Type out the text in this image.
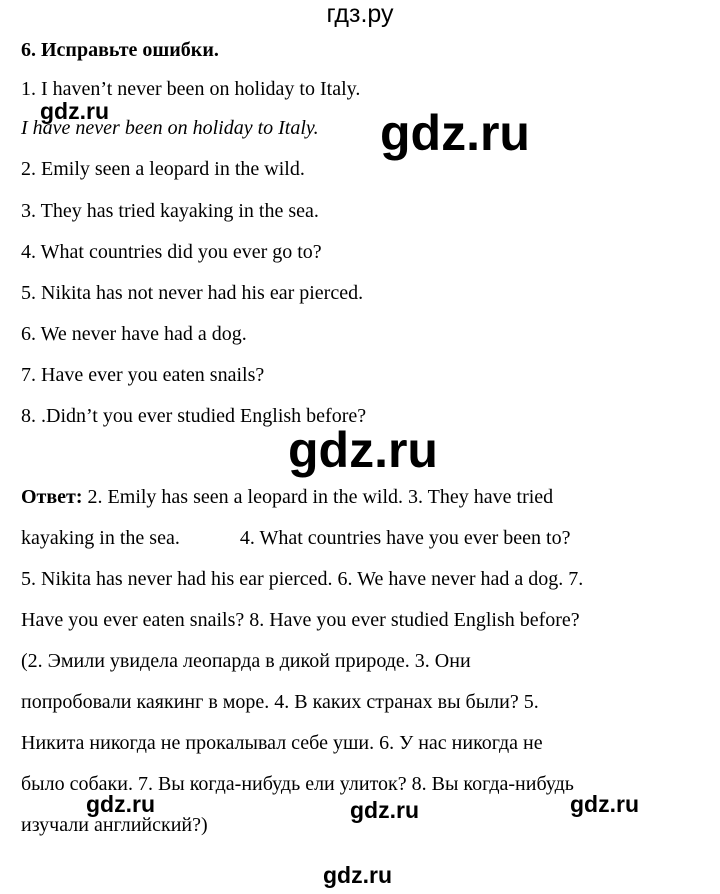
гдз.ру
6. Исправьте ошибки.
1. I haven’t never been on holiday to Italy.
I have never been on holiday to Italy.
2. Emily seen a leopard in the wild.
3. They has tried kayaking in the sea.
4. What countries did you ever go to?
5. Nikita has not never had his ear pierced.
6. We never have had a dog.
7. Have ever you eaten snails?
8. .Didn’t you ever studied English before?
Ответ: 2. Emily has seen a leopard in the wild. 3. They have tried
kayaking in the sea.            4. What countries have you ever been to?
5. Nikita has never had his ear pierced. 6. We have never had a dog. 7.
Have you ever eaten snails? 8. Have you ever studied English before?
(2. Эмили увидела леопарда в дикой природе. 3. Они
попробовали каякинг в море. 4. В каких странах вы были? 5.
Никита никогда не прокалывал себе уши. 6. У нас никогда не
было собаки. 7. Вы когда-нибудь ели улиток? 8. Вы когда-нибудь
изучали английский?)
gdz.ru	gdz.ru
gdz.ru
gdz.ru	gdz.ru	gdz.ru
gdz.ru
